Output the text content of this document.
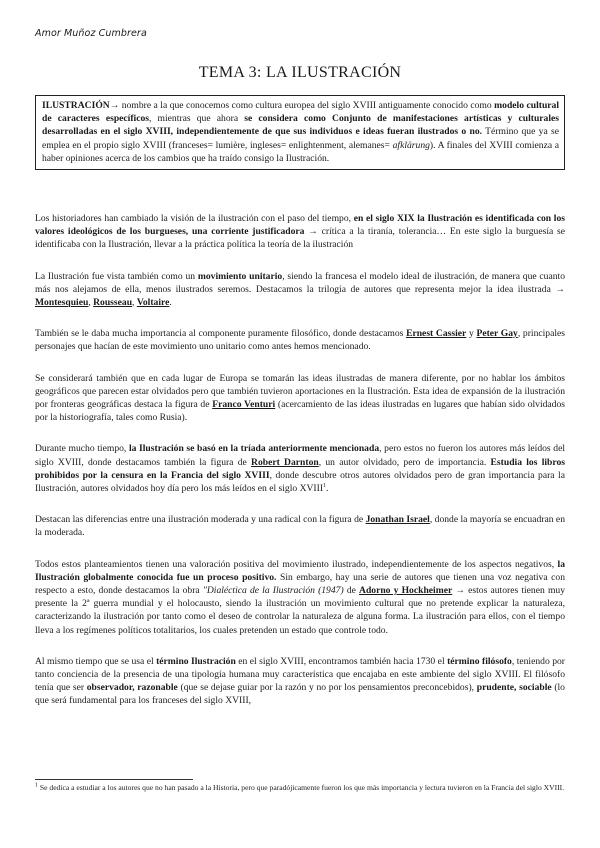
Amor Muñoz Cumbrera
TEMA 3: LA ILUSTRACIÓN
ILUSTRACIÓN→ nombre a la que conocemos como cultura europea del siglo XVIII antiguamente conocido como modelo cultural de caracteres específicos, mientras que ahora se considera como Conjunto de manifestaciones artísticas y culturales desarrolladas en el siglo XVIII, independientemente de que sus individuos e ideas fueran ilustrados o no. Término que ya se emplea en el propio siglo XVIII (franceses= lumière, ingleses= enlightenment, alemanes= afklärung). A finales del XVIII comienza a haber opiniones acerca de los cambios que ha traído consigo la Ilustración.

Los historiadores han cambiado la visión de la ilustración con el paso del tiempo, en el siglo XIX la Ilustración es identificada con los valores ideológicos de los burgueses, una corriente justificadora → crítica a la tiranía, tolerancia… En este siglo la burguesía se identificaba con la Ilustración, llevar a la práctica política la teoría de la ilustración

La Ilustración fue vista también como un movimiento unitario, siendo la francesa el modelo ideal de ilustración, de manera que cuanto más nos alejamos de ella, menos ilustrados seremos. Destacamos la trilogía de autores que representa mejor la idea ilustrada → Montesquieu, Rousseau, Voltaire.

También se le daba mucha importancia al componente puramente filosófico, donde destacamos Ernest Cassier y Peter Gay, principales personajes que hacían de este movimiento uno unitario como antes hemos mencionado.

Se considerará también que en cada lugar de Europa se tomarán las ideas ilustradas de manera diferente, por no hablar los ámbitos geográficos que parecen estar olvidados pero que también tuvieron aportaciones en la Ilustración. Esta idea de expansión de la ilustración por fronteras geográficas destaca la figura de Franco Venturi (acercamiento de las ideas ilustradas en lugares que habían sido olvidados por la historiografía, tales como Rusia).

Durante mucho tiempo, la Ilustración se basó en la tríada anteriormente mencionada, pero estos no fueron los autores más leídos del siglo XVIII, donde destacamos también la figura de Robert Darnton, un autor olvidado, pero de importancia. Estudia los libros prohibidos por la censura en la Francia del siglo XVIII, donde descubre otros autores olvidados pero de gran importancia para la Ilustración, autores olvidados hoy día pero los más leídos en el siglo XVIII$^1$.

Destacan las diferencias entre una ilustración moderada y una radical con la figura de Jonathan Israel, donde la mayoría se encuadran en la moderada.

Todos estos planteamientos tienen una valoración positiva del movimiento ilustrado, independientemente de los aspectos negativos, la Ilustración globalmente conocida fue un proceso positivo. Sin embargo, hay una serie de autores que tienen una voz negativa con respecto a esto, donde destacamos la obra "Dialéctica de la Ilustración (1947) de Adorno y Hockheimer → estos autores tienen muy presente la 2ª guerra mundial y el holocausto, siendo la ilustración un movimiento cultural que no pretende explicar la naturaleza, caracterizando la ilustración por tanto como el deseo de controlar la naturaleza de alguna forma. La ilustración para ellos, con el tiempo lleva a los regímenes políticos totalitarios, los cuales pretenden un estado que controle todo.

Al mismo tiempo que se usa el término Ilustración en el siglo XVIII, encontramos también hacia 1730 el término filósofo, teniendo por tanto conciencia de la presencia de una tipología humana muy característica que encajaba en este ambiente del siglo XVIII. El filósofo tenía que ser observador, razonable (que se dejase guiar por la razón y no por los pensamientos preconcebidos), prudente, sociable (lo que será fundamental para los franceses del siglo XVIII,

$^1$ Se dedica a estudiar a los autores que no han pasado a la Historia, pero que paradójicamente fueron los que más importancia y lectura tuvieron en la Francia del siglo XVIII.
